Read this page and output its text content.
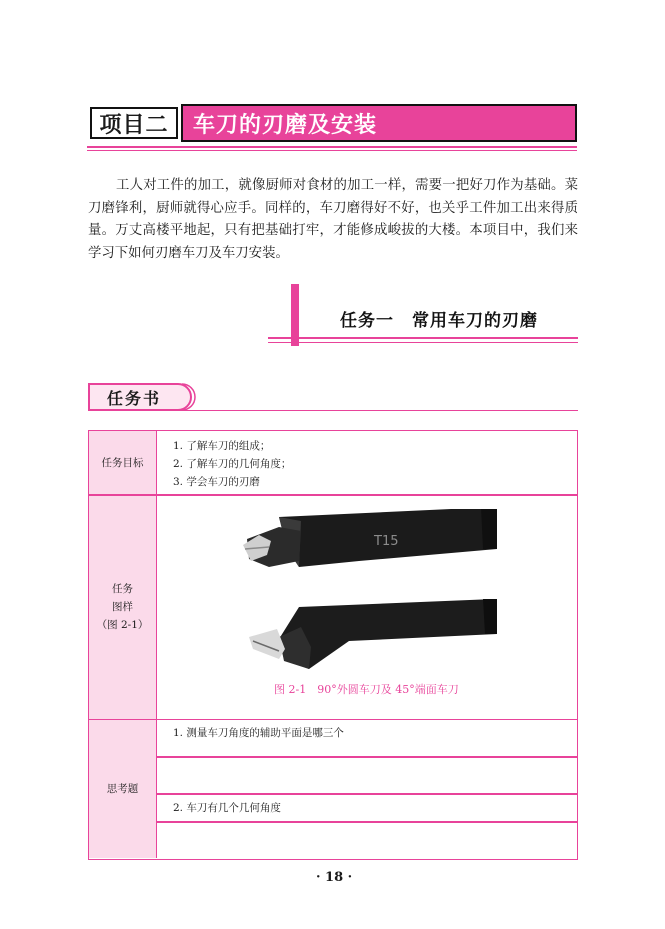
项目二	车刀的刃磨及安装
工人对工件的加工，就像厨师对食材的加工一样，需要一把好刀作为基础。菜刀磨锋利，厨师就得心应手。同样的，车刀磨得好不好，也关乎工件加工出来得质量。万丈高楼平地起，只有把基础打牢，才能修成峻拔的大楼。本项目中，我们来学习下如何刃磨车刀及车刀安装。
任务一　常用车刀的刃磨
任务书
任务目标
1. 了解车刀的组成；
2. 了解车刀的几何角度；
3. 学会车刀的刃磨
任务
图样
（图 2-1）
T15
图 2-1　90°外圆车刀及 45°端面车刀
思考题
1. 测量车刀角度的辅助平面是哪三个
2. 车刀有几个几何角度
· 18 ·
